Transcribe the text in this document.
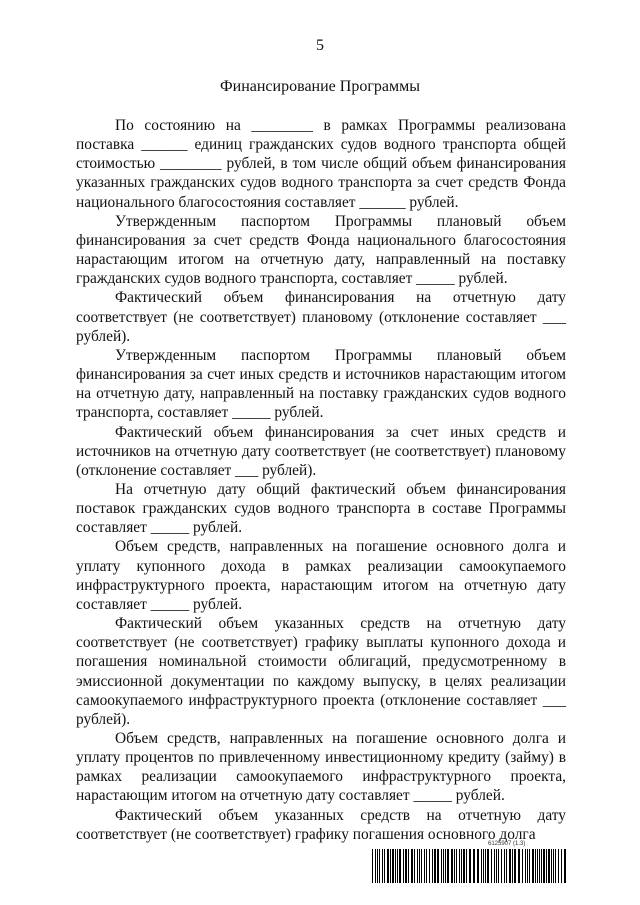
5
Финансирование Программы

По состоянию на ________ в рамках Программы реализована поставка ______ единиц гражданских судов водного транспорта общей стоимостью ________ рублей, в том числе общий объем финансирования указанных гражданских судов водного транспорта за счет средств Фонда национального благосостояния составляет ______ рублей.

Утвержденным паспортом Программы плановый объем финансирования за счет средств Фонда национального благосостояния нарастающим итогом на отчетную дату, направленный на поставку гражданских судов водного транспорта, составляет _____ рублей.

Фактический объем финансирования на отчетную дату соответствует (не соответствует) плановому (отклонение составляет ___ рублей).

Утвержденным паспортом Программы плановый объем финансирования за счет иных средств и источников нарастающим итогом на отчетную дату, направленный на поставку гражданских судов водного транспорта, составляет _____ рублей.

Фактический объем финансирования за счет иных средств и источников на отчетную дату соответствует (не соответствует) плановому (отклонение составляет ___ рублей).

На отчетную дату общий фактический объем финансирования поставок гражданских судов водного транспорта в составе Программы составляет _____ рублей.

Объем средств, направленных на погашение основного долга и уплату купонного дохода в рамках реализации самоокупаемого инфраструктурного проекта, нарастающим итогом на отчетную дату составляет _____ рублей.

Фактический объем указанных средств на отчетную дату соответствует (не соответствует) графику выплаты купонного дохода и погашения номинальной стоимости облигаций, предусмотренному в эмиссионной документации по каждому выпуску, в целях реализации самоокупаемого инфраструктурного проекта (отклонение составляет ___ рублей).

Объем средств, направленных на погашение основного долга и уплату процентов по привлеченному инвестиционному кредиту (займу) в рамках реализации самоокупаемого инфраструктурного проекта, нарастающим итогом на отчетную дату составляет _____ рублей.

Фактический объем указанных средств на отчетную дату соответствует (не соответствует) графику погашения основного долга

6125907 (1.3)
